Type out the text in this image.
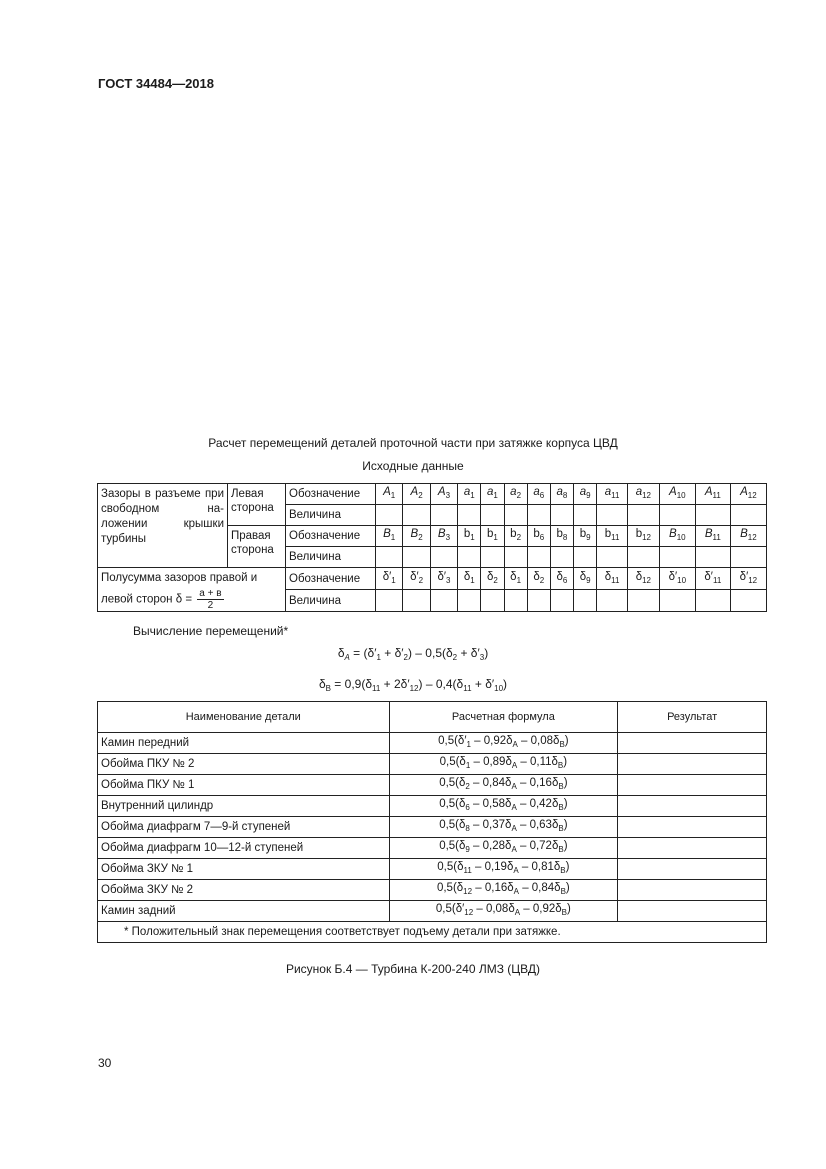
ГОСТ 34484—2018
Расчет перемещений деталей проточной части при затяжке корпуса ЦВД
Исходные данные
Зазоры в разъеме при свободном на-ложении крышки турбины	Левая сторона	Обозначение	$A_1$	$A_2$	$A_3$	$a_1$	$a_1$	$a_2$	$a_6$	$a_8$	$a_9$	$a_{11}$	$a_{12}$	$A_{10}$	$A_{11}$	$A_{12}$
		Величина														
	Правая сторона	Обозначение	$B_1$	$B_2$	$B_3$	$b_1$	$b_1$	$b_2$	$b_6$	$b_8$	$b_9$	$b_{11}$	$b_{12}$	$B_{10}$	$B_{11}$	$B_{12}$
		Величина														
Полусумма зазоров правой и
левой сторон $\delta = \frac{а + в}{2}$		Обозначение	$\delta'_1$	$\delta'_2$	$\delta'_3$	$\delta_1$	$\delta_2$	$\delta_1$	$\delta_2$	$\delta_6$	$\delta_9$	$\delta_{11}$	$\delta_{12}$	$\delta'_{10}$	$\delta'_{11}$	$\delta'_{12}$
		Величина														
Вычисление перемещений*
$\delta_A = (\delta'_1 + \delta'_2) - 0,5(\delta_2 + \delta'_3)$
$\delta_В = 0,9(\delta_{11} + 2\delta'_{12}) - 0,4(\delta_{11} + \delta'_{10})$
Наименование детали	Расчетная формула	Результат
Камин передний	$0,5(\delta'_1 - 0,92\delta_А - 0,08\delta_В)$	
Обойма ПКУ № 2	$0,5(\delta_1 - 0,89\delta_А - 0,11\delta_В)$	
Обойма ПКУ № 1	$0,5(\delta_2 - 0,84\delta_А - 0,16\delta_В)$	
Внутренний цилиндр	$0,5(\delta_6 - 0,58\delta_А - 0,42\delta_В)$	
Обойма диафрагм 7—9-й ступеней	$0,5(\delta_8 - 0,37\delta_А - 0,63\delta_В)$	
Обойма диафрагм 10—12-й ступеней	$0,5(\delta_9 - 0,28\delta_А - 0,72\delta_В)$	
Обойма ЗКУ № 1	$0,5(\delta_{11} - 0,19\delta_А - 0,81\delta_В)$	
Обойма ЗКУ № 2	$0,5(\delta_{12} - 0,16\delta_А - 0,84\delta_В)$	
Камин задний	$0,5(\delta'_{12} - 0,08\delta_А - 0,92\delta_В)$	
* Положительный знак перемещения соответствует подъему детали при затяжке.		
Рисунок Б.4 — Турбина К-200-240 ЛМЗ (ЦВД)
30
